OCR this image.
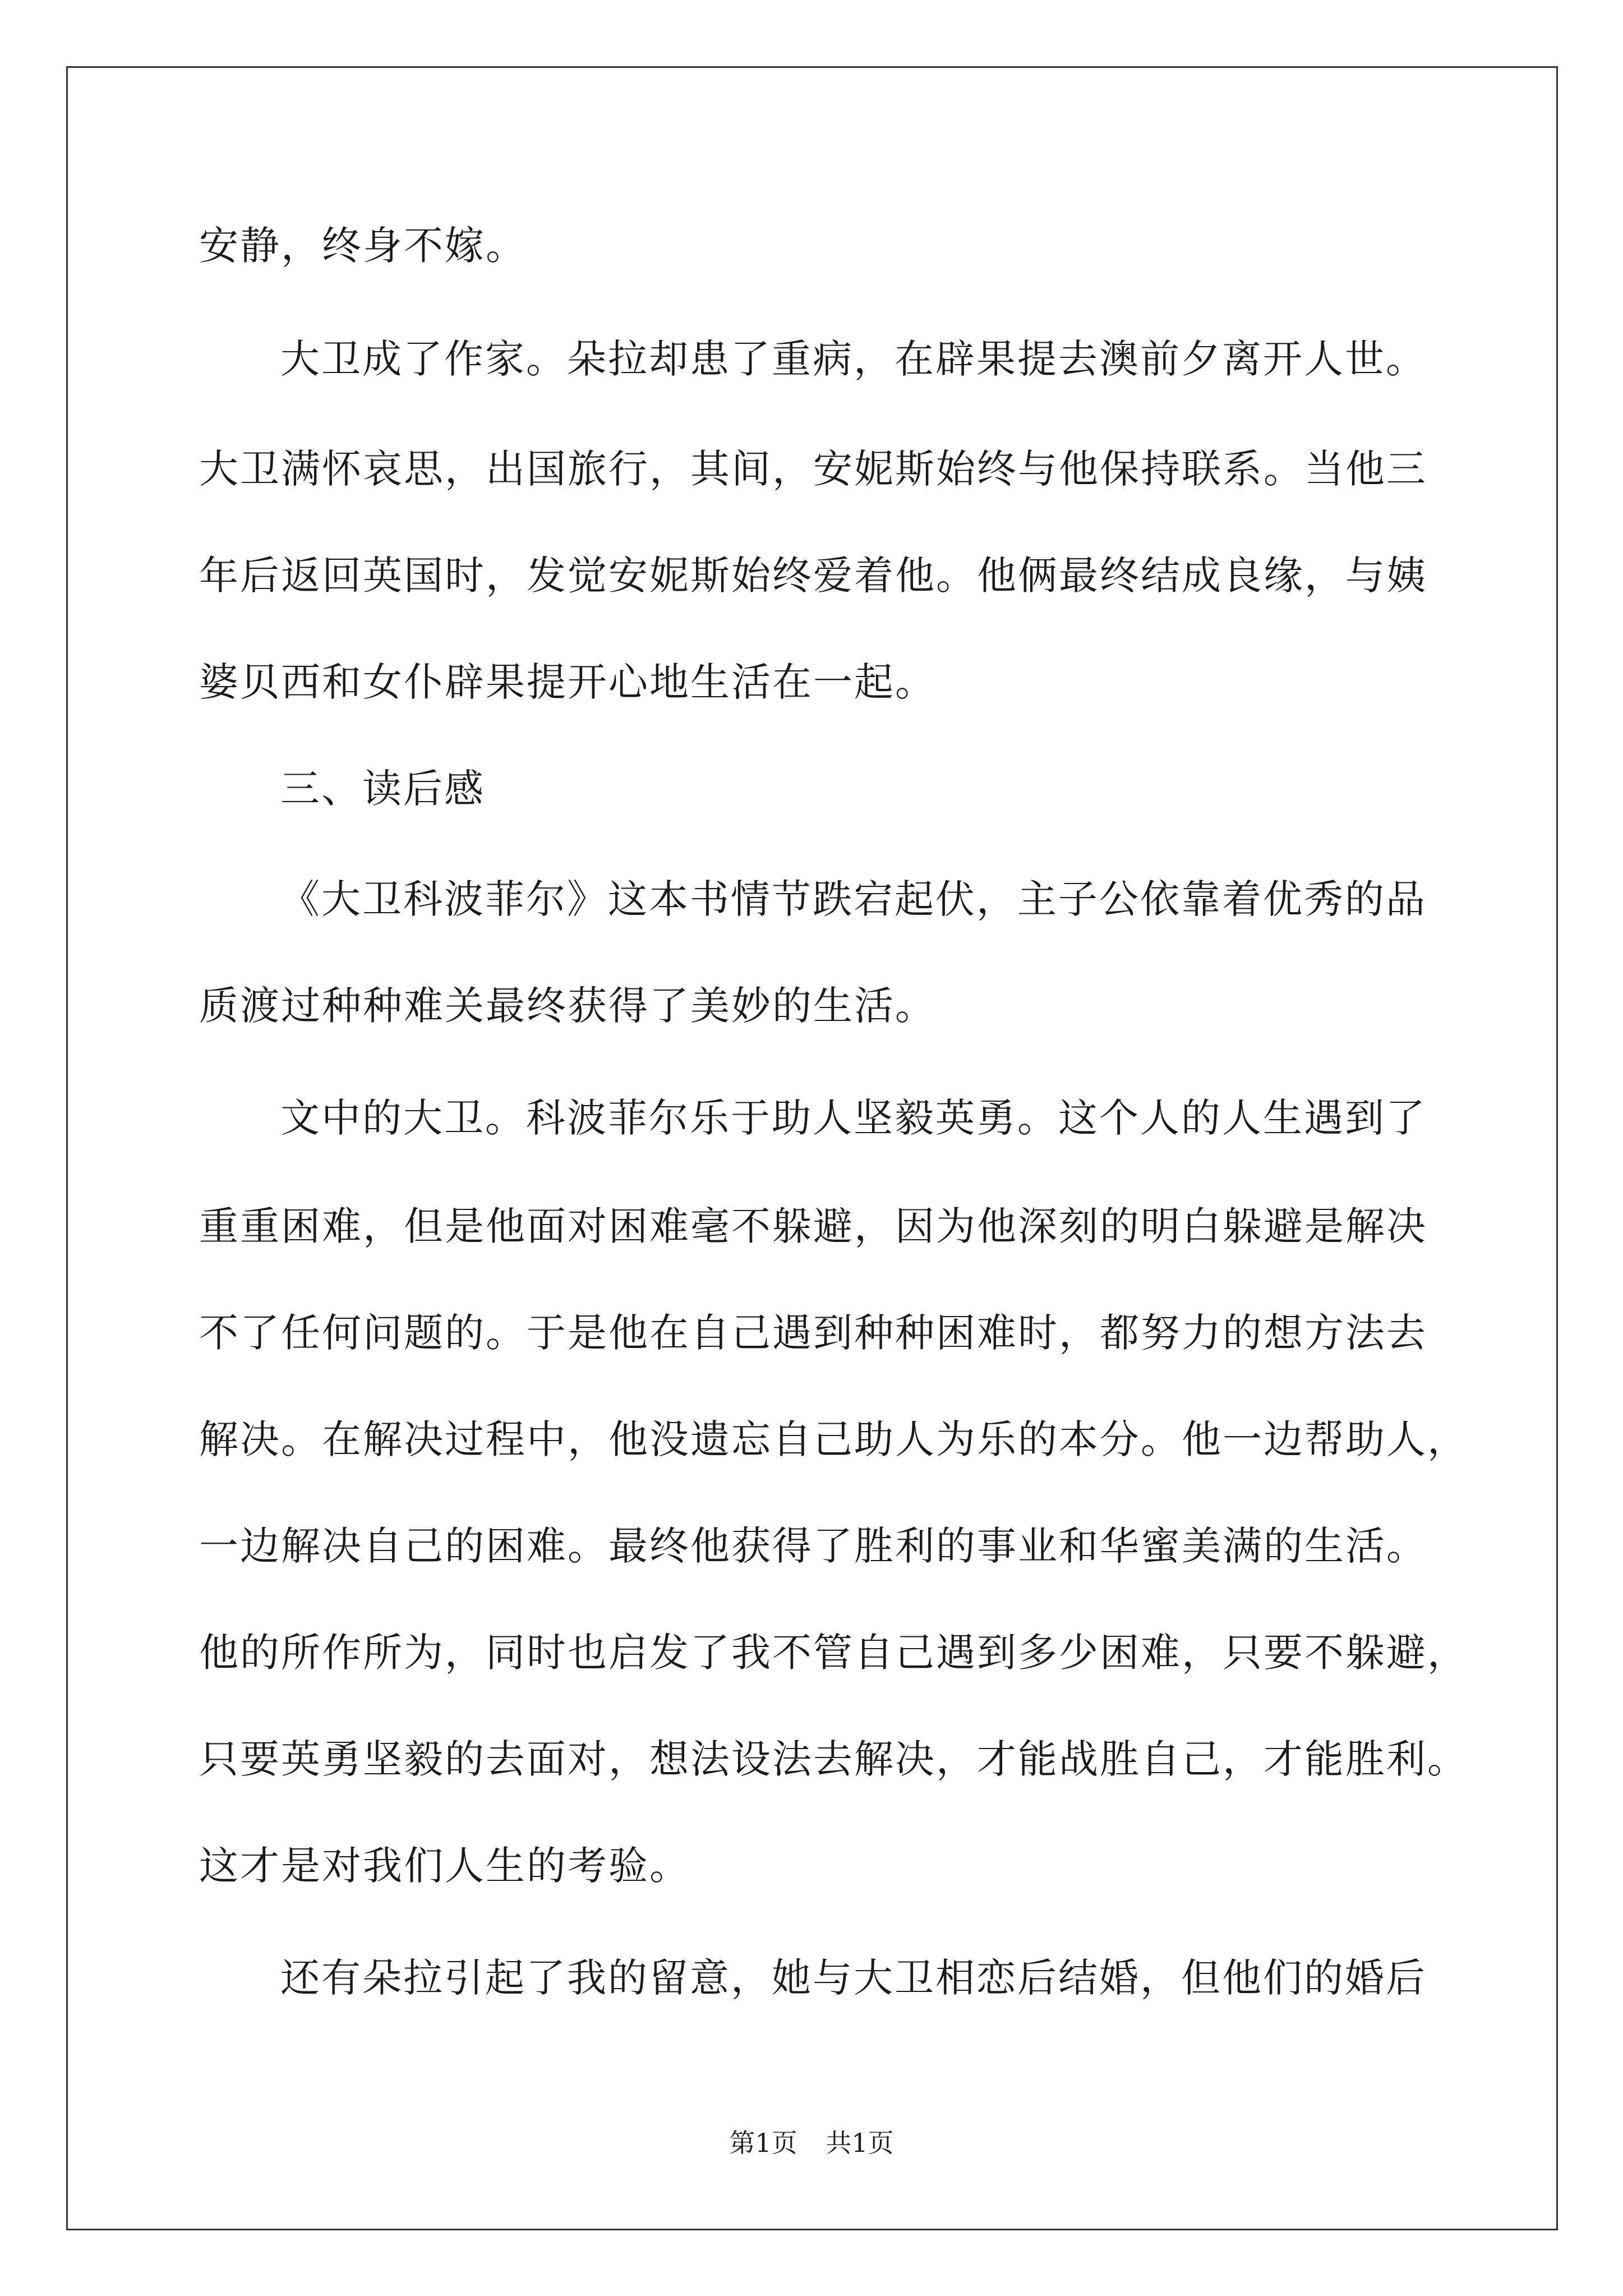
安静，终身不嫁。
大卫成了作家。朵拉却患了重病，在辟果提去澳前夕离开人世。
大卫满怀哀思，出国旅行，其间，安妮斯始终与他保持联系。当他三
年后返回英国时，发觉安妮斯始终爱着他。他俩最终结成良缘，与姨
婆贝西和女仆辟果提开心地生活在一起。
三、读后感
《大卫科波菲尔》这本书情节跌宕起伏，主子公依靠着优秀的品
质渡过种种难关最终获得了美妙的生活。
文中的大卫。科波菲尔乐于助人坚毅英勇。这个人的人生遇到了
重重困难，但是他面对困难毫不躲避，因为他深刻的明白躲避是解决
不了任何问题的。于是他在自己遇到种种困难时，都努力的想方法去
解决。在解决过程中，他没遗忘自己助人为乐的本分。他一边帮助人，
一边解决自己的困难。最终他获得了胜利的事业和华蜜美满的生活。
他的所作所为，同时也启发了我不管自己遇到多少困难，只要不躲避，
只要英勇坚毅的去面对，想法设法去解决，才能战胜自己，才能胜利。
这才是对我们人生的考验。
还有朵拉引起了我的留意，她与大卫相恋后结婚，但他们的婚后
第1页 共1页
